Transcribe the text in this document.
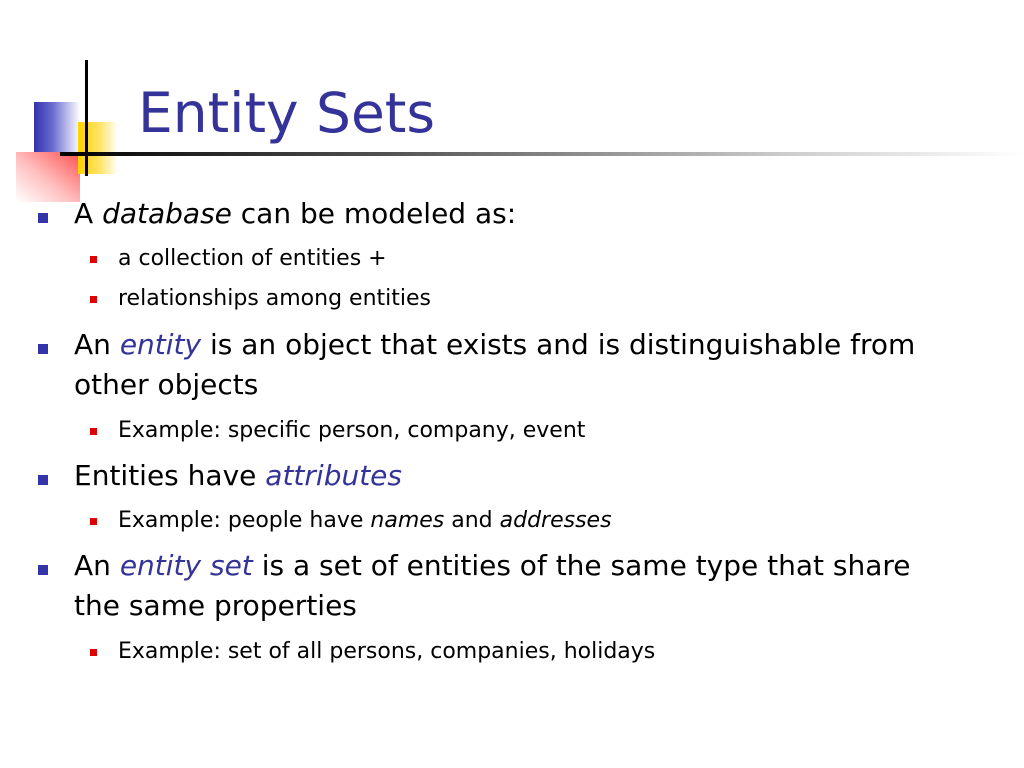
Entity Sets
A database can be modeled as:
a collection of entities +
relationships among entities
An entity is an object that exists and is distinguishable from
other objects
Example: specific person, company, event
Entities have attributes
Example: people have names and addresses
An entity set is a set of entities of the same type that share
the same properties
Example: set of all persons, companies, holidays
